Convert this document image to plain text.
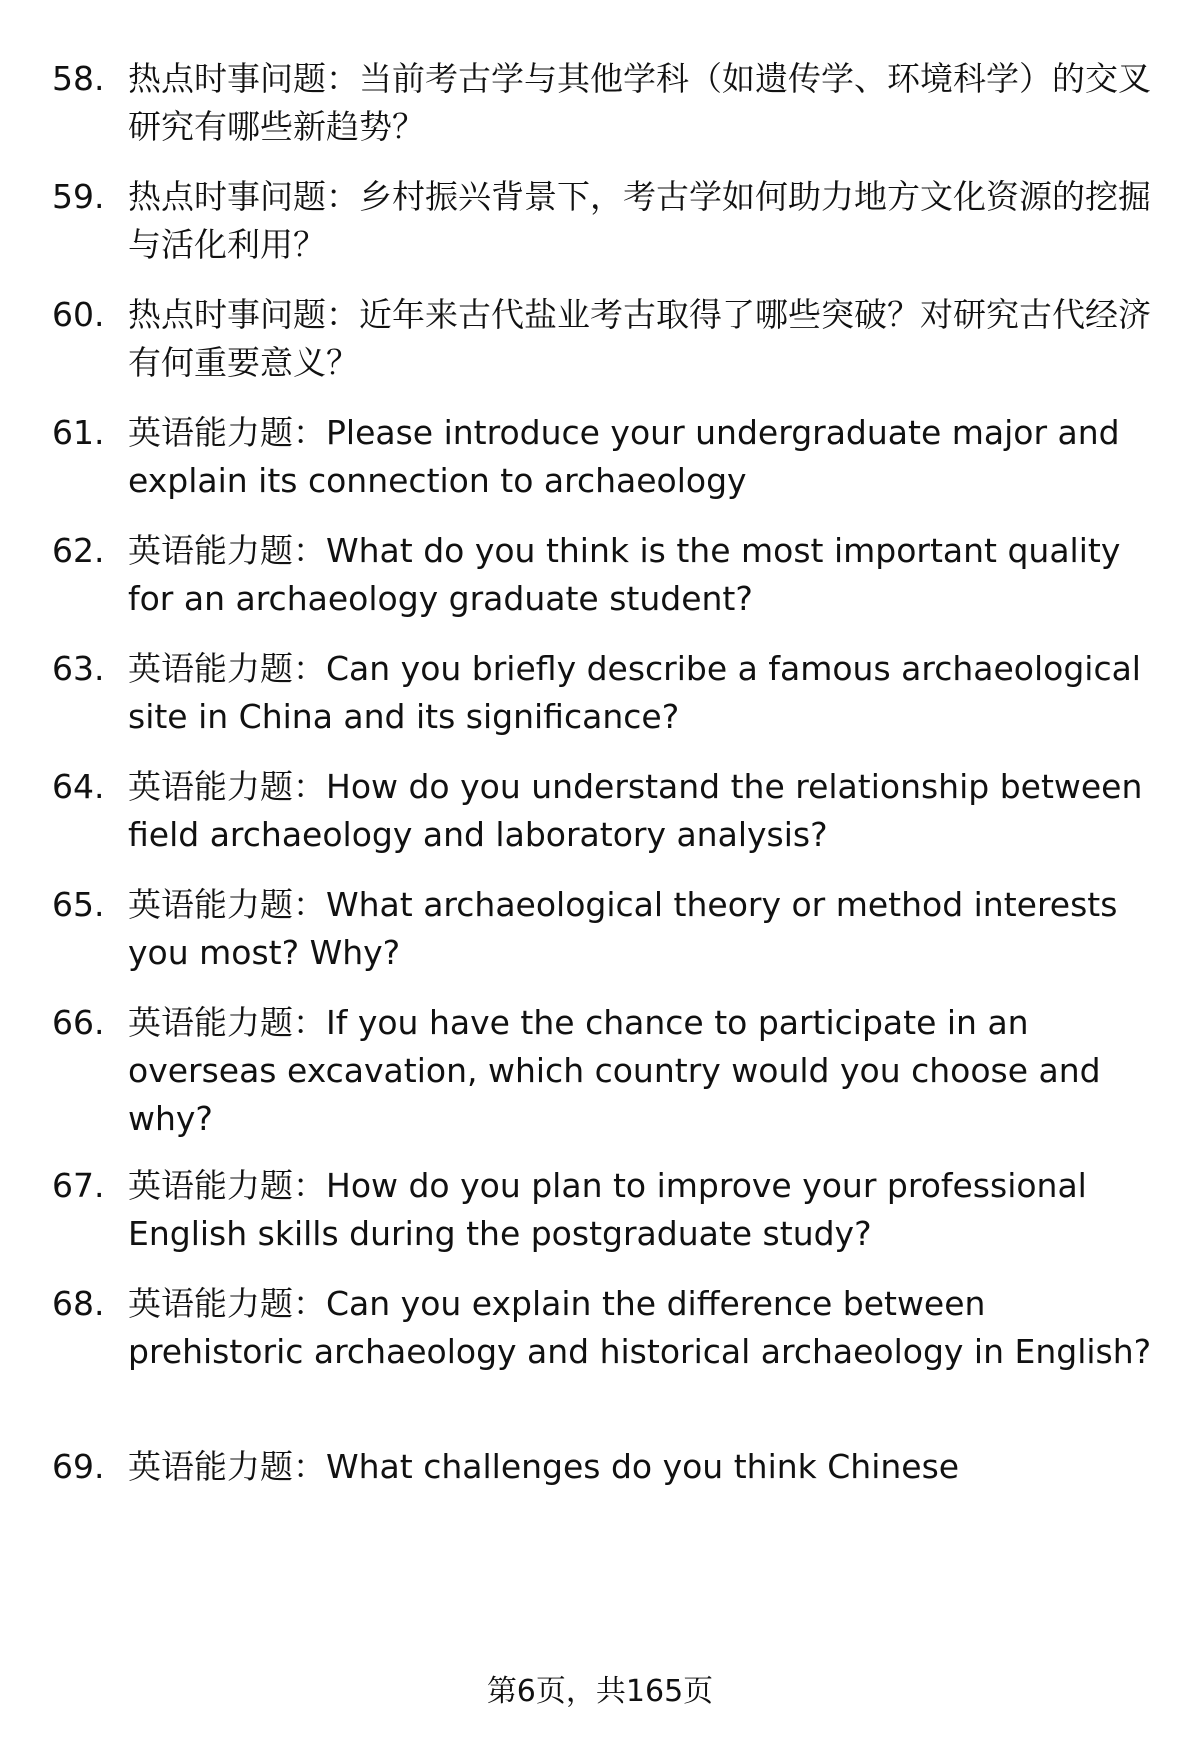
58. 热点时事问题：当前考古学与其他学科（如遗传学、环境科学）的交叉研究有哪些新趋势？
59. 热点时事问题：乡村振兴背景下，考古学如何助力地方文化资源的挖掘与活化利用？
60. 热点时事问题：近年来古代盐业考古取得了哪些突破？对研究古代经济有何重要意义？
61. 英语能力题：Please introduce your undergraduate major and explain its connection to archaeology
62. 英语能力题：What do you think is the most important quality for an archaeology graduate student?
63. 英语能力题：Can you briefly describe a famous archaeological site in China and its significance?
64. 英语能力题：How do you understand the relationship between field archaeology and laboratory analysis?
65. 英语能力题：What archaeological theory or method interests you most? Why?
66. 英语能力题：If you have the chance to participate in an overseas excavation, which country would you choose and why?
67. 英语能力题：How do you plan to improve your professional English skills during the postgraduate study?
68. 英语能力题：Can you explain the difference between prehistoric archaeology and historical archaeology in English?
69. 英语能力题：What challenges do you think Chinese
第6页，共165页
